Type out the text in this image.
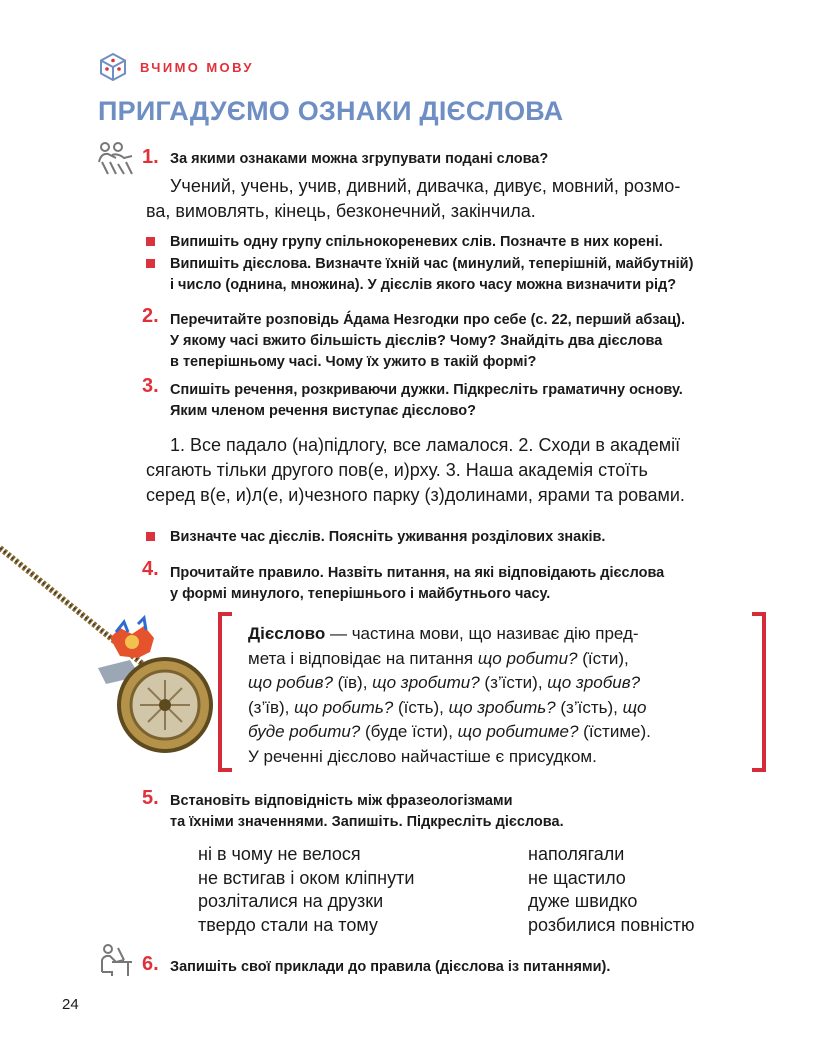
ВЧИМО МОВУ
ПРИГАДУЄМО ОЗНАКИ ДІЄСЛОВА
1. За якими ознаками можна згрупувати подані слова?
Учений, учень, учив, дивний, дивачка, дивує, мовний, розмо-
ва, вимовлять, кінець, безконечний, закінчила.
Випишіть одну групу спільнокореневих слів. Позначте в них корені.
Випишіть дієслова. Визначте їхній час (минулий, теперішній, майбутній)
і число (однина, множина). У дієслів якого часу можна визначити рід?
2. Перечитайте розповідь Áдама Незгодки про себе (с. 22, перший абзац).
У якому часі вжито більшість дієслів? Чому? Знайдіть два дієслова
в теперішньому часі. Чому їх ужито в такій формі?
3. Спишіть речення, розкриваючи дужки. Підкресліть граматичну основу.
Яким членом речення виступає дієслово?
1. Все падало (на)підлогу, все ламалося. 2. Сходи в академії
сягають тільки другого пов(е, и)рху. 3. Наша академія стоїть
серед в(е, и)л(е, и)чезного парку (з)долинами, ярами та ровами.
Визначте час дієслів. Поясніть уживання розділових знаків.
4. Прочитайте правило. Назвіть питання, на які відповідають дієслова
у формі минулого, теперішнього і майбутнього часу.
Дієслово — частина мови, що називає дію пред-
мета і відповідає на питання що робити? (їсти),
що робив? (їв), що зробити? (з’їсти), що зробив?
(з’їв), що робить? (їсть), що зробить? (з’їсть), що
буде робити? (буде їсти), що робитиме? (їстиме).
У реченні дієслово найчастіше є присудком.
5. Встановіть відповідність між фразеологізмами
та їхніми значеннями. Запишіть. Підкресліть дієслова.
ні в чому не велося
не встигав і оком кліпнути
розліталися на друзки
твердо стали на тому
наполягали
не щастило
дуже швидко
розбилися повністю
6. Запишіть свої приклади до правила (дієслова із питаннями).
24
